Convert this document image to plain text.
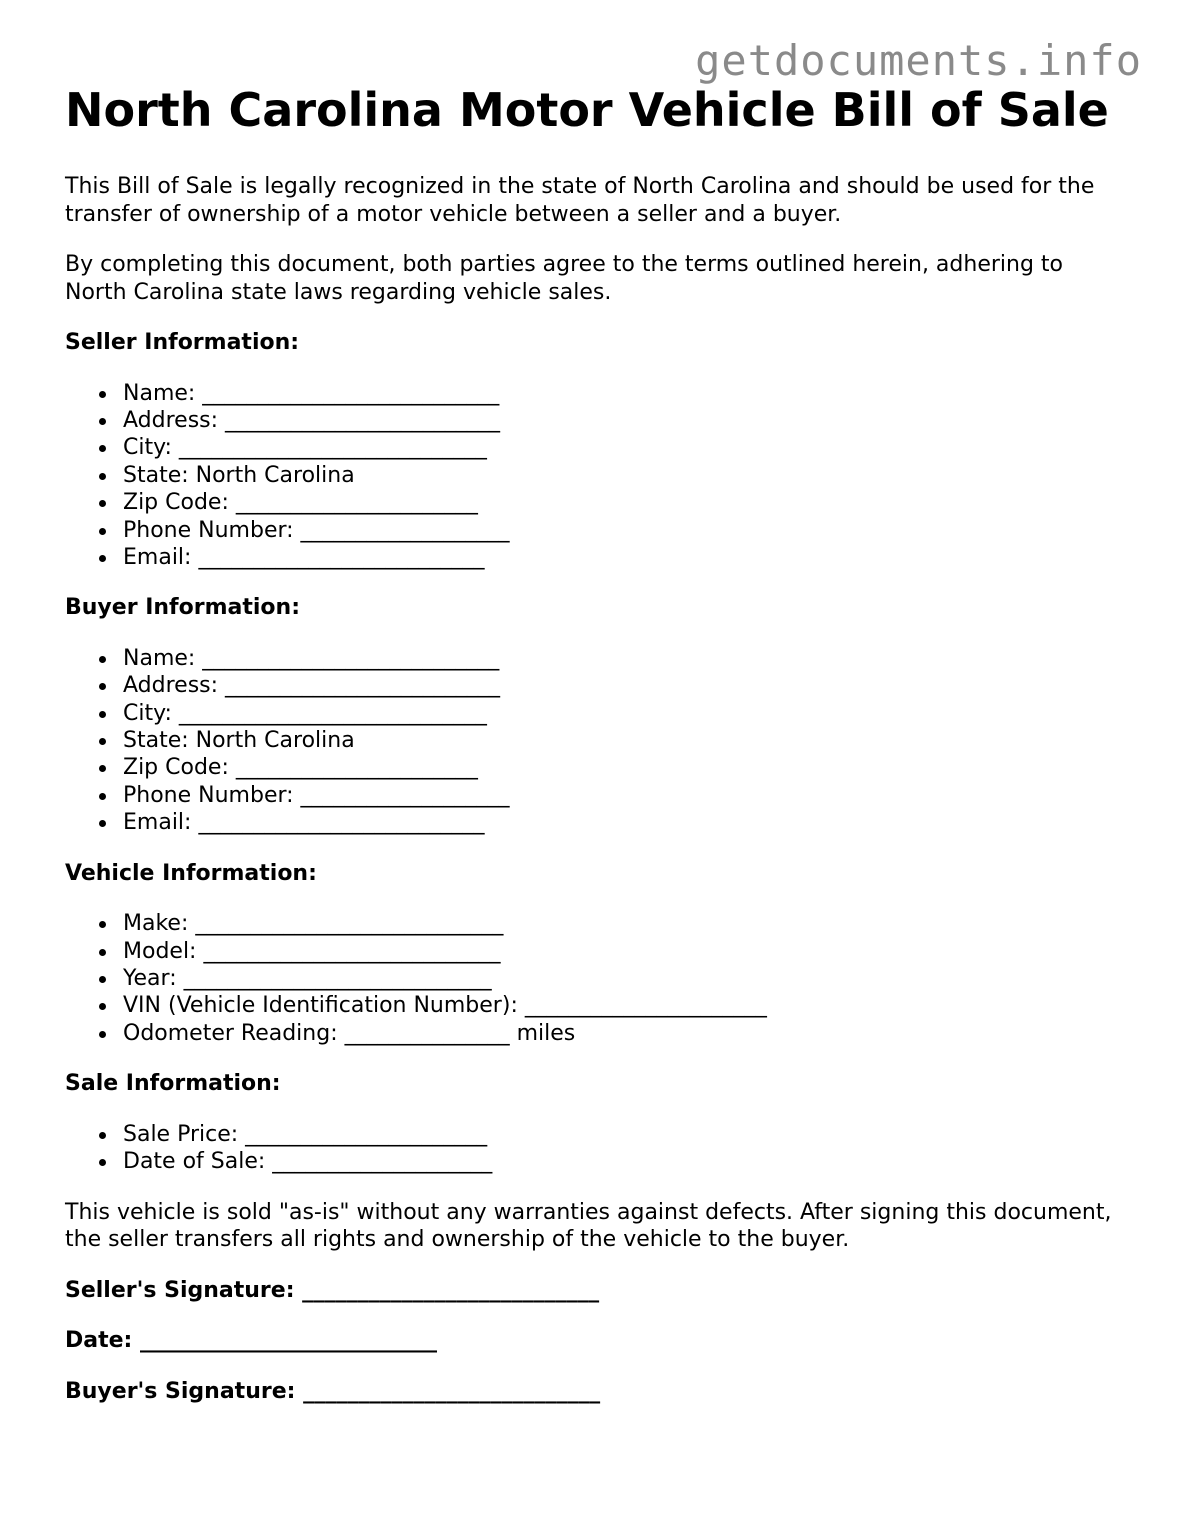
getdocuments.info
North Carolina Motor Vehicle Bill of Sale

This Bill of Sale is legally recognized in the state of North Carolina and should be used for the transfer of ownership of a motor vehicle between a seller and a buyer.

By completing this document, both parties agree to the terms outlined herein, adhering to North Carolina state laws regarding vehicle sales.

Seller Information:

Name: ___________________________
Address: _________________________
City: ____________________________
State: North Carolina
Zip Code: ______________________
Phone Number: ___________________
Email: __________________________

Buyer Information:

Name: ___________________________
Address: _________________________
City: ____________________________
State: North Carolina
Zip Code: ______________________
Phone Number: ___________________
Email: __________________________

Vehicle Information:

Make: ____________________________
Model: ___________________________
Year: ____________________________
VIN (Vehicle Identification Number): ______________________
Odometer Reading: _______________ miles

Sale Information:

Sale Price: ______________________
Date of Sale: ____________________

This vehicle is sold "as-is" without any warranties against defects. After signing this document, the seller transfers all rights and ownership of the vehicle to the buyer.

Seller's Signature: ___________________________

Date: ___________________________

Buyer's Signature: ___________________________
